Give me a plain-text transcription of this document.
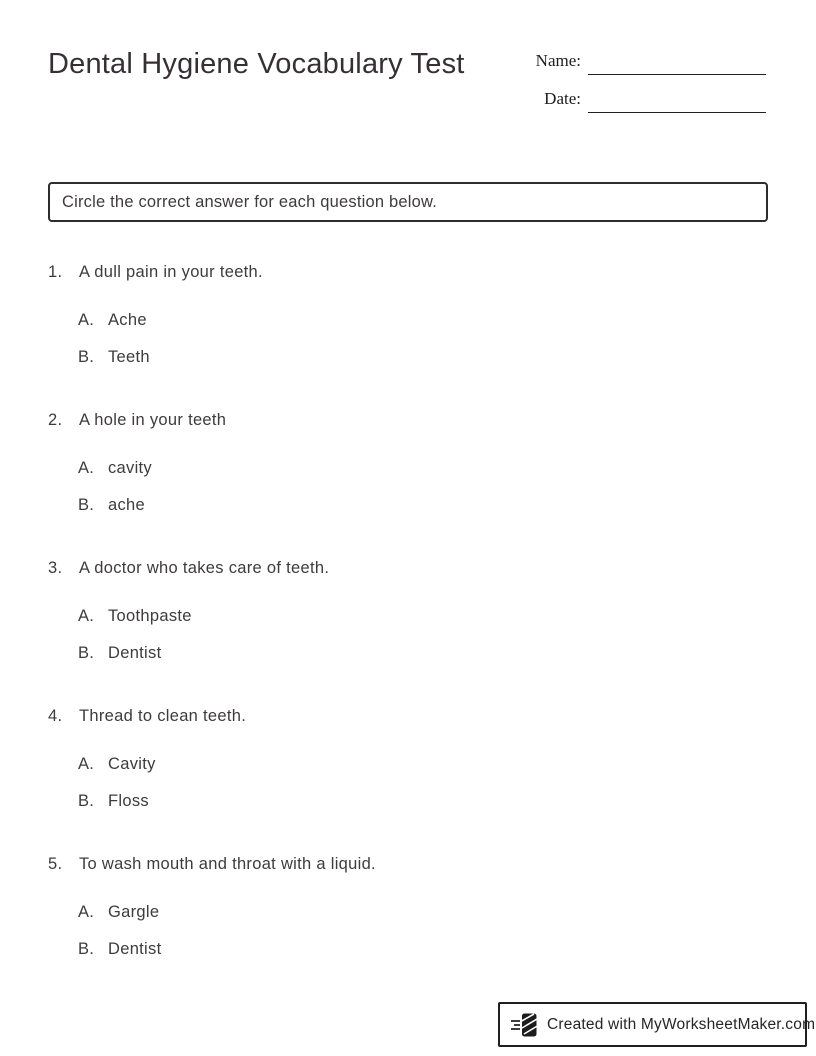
Dental Hygiene Vocabulary Test	Name:
Date:
Circle the correct answer for each question below.
1.	A dull pain in your teeth.
A. Ache
B. Teeth
2.	A hole in your teeth
A. cavity
B. ache
3.	A doctor who takes care of teeth.
A. Toothpaste
B. Dentist
4.	Thread to clean teeth.
A. Cavity
B. Floss
5.	To wash mouth and throat with a liquid.
A. Gargle
B. Dentist
Created with MyWorksheetMaker.com
